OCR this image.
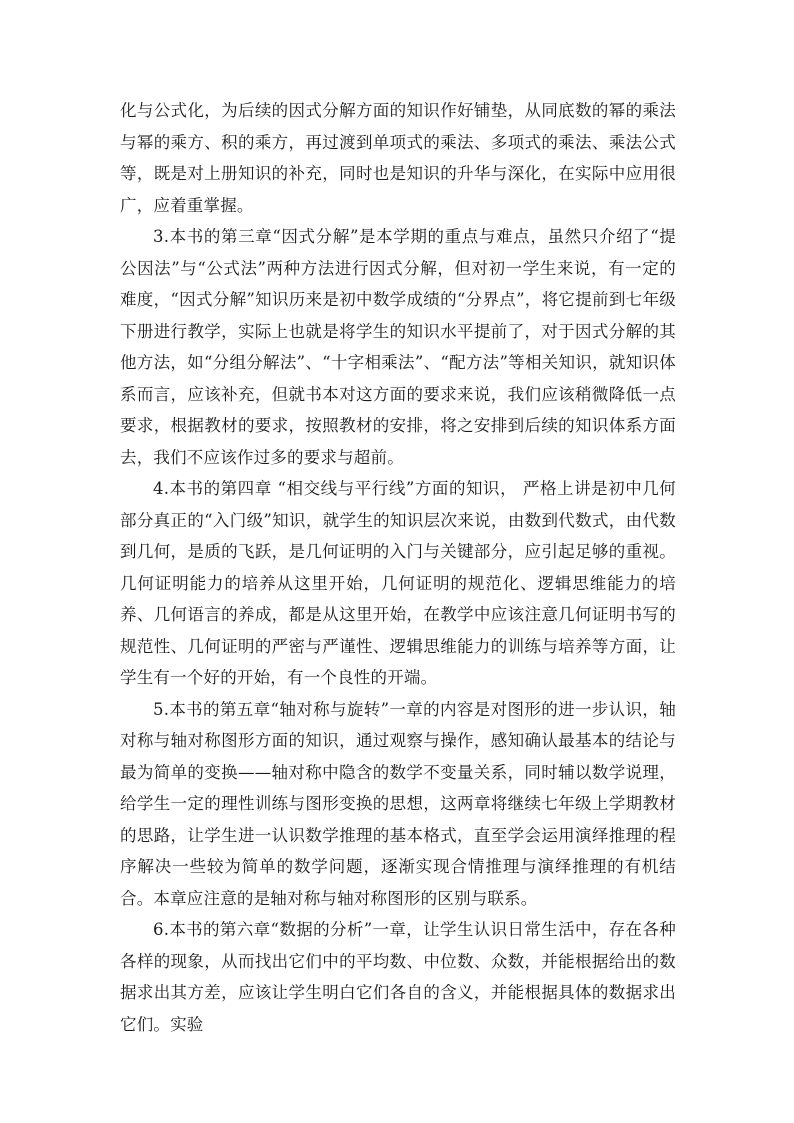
化与公式化，为后续的因式分解方面的知识作好铺垫，从同底数的幂的乘法与幂的乘方、积的乘方，再过渡到单项式的乘法、多项式的乘法、乘法公式等，既是对上册知识的补充，同时也是知识的升华与深化，在实际中应用很广，应着重掌握。

3.本书的第三章“因式分解”是本学期的重点与难点，虽然只介绍了“提公因法”与“公式法”两种方法进行因式分解，但对初一学生来说，有一定的难度，“因式分解”知识历来是初中数学成绩的“分界点”，将它提前到七年级下册进行教学，实际上也就是将学生的知识水平提前了，对于因式分解的其他方法，如“分组分解法”、“十字相乘法”、“配方法”等相关知识，就知识体系而言，应该补充，但就书本对这方面的要求来说，我们应该稍微降低一点要求，根据教材的要求，按照教材的安排，将之安排到后续的知识体系方面去，我们不应该作过多的要求与超前。

4.本书的第四章 “相交线与平行线”方面的知识， 严格上讲是初中几何部分真正的“入门级”知识，就学生的知识层次来说，由数到代数式，由代数到几何，是质的飞跃，是几何证明的入门与关键部分，应引起足够的重视。几何证明能力的培养从这里开始，几何证明的规范化、逻辑思维能力的培养、几何语言的养成，都是从这里开始，在教学中应该注意几何证明书写的规范性、几何证明的严密与严谨性、逻辑思维能力的训练与培养等方面，让学生有一个好的开始，有一个良性的开端。

5.本书的第五章“轴对称与旋转”一章的内容是对图形的进一步认识，轴对称与轴对称图形方面的知识，通过观察与操作，感知确认最基本的结论与最为简单的变换——轴对称中隐含的数学不变量关系，同时辅以数学说理，给学生一定的理性训练与图形变换的思想，这两章将继续七年级上学期教材的思路，让学生进一认识数学推理的基本格式，直至学会运用演绎推理的程序解决一些较为简单的数学问题，逐渐实现合情推理与演绎推理的有机结合。本章应注意的是轴对称与轴对称图形的区别与联系。

6.本书的第六章“数据的分析”一章，让学生认识日常生活中，存在各种各样的现象，从而找出它们中的平均数、中位数、众数，并能根据给出的数据求出其方差，应该让学生明白它们各自的含义，并能根据具体的数据求出它们。实验
